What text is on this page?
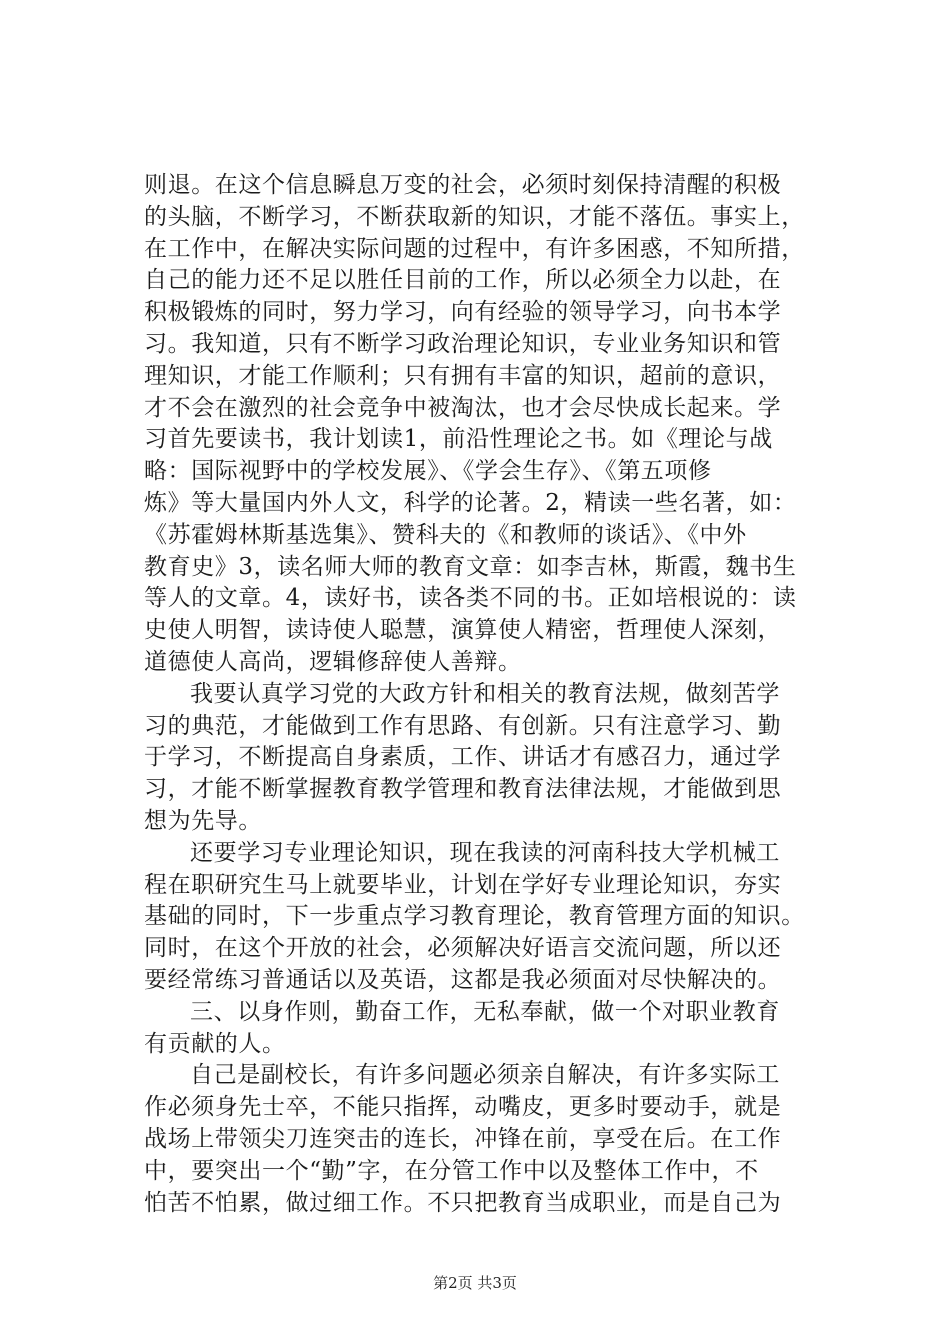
则退。在这个信息瞬息万变的社会，必须时刻保持清醒的积极
的头脑，不断学习，不断获取新的知识，才能不落伍。事实上，
在工作中，在解决实际问题的过程中，有许多困惑，不知所措，
自己的能力还不足以胜任目前的工作，所以必须全力以赴，在
积极锻炼的同时，努力学习，向有经验的领导学习，向书本学
习。我知道，只有不断学习政治理论知识，专业业务知识和管
理知识，才能工作顺利；只有拥有丰富的知识，超前的意识，
才不会在激烈的社会竞争中被淘汰，也才会尽快成长起来。学
习首先要读书，我计划读1，前沿性理论之书。如《理论与战
略：国际视野中的学校发展》、《学会生存》、《第五项修
炼》等大量国内外人文，科学的论著。2，精读一些名著，如：
《苏霍姆林斯基选集》、赞科夫的《和教师的谈话》、《中外
教育史》3，读名师大师的教育文章：如李吉林，斯霞，魏书生
等人的文章。4，读好书，读各类不同的书。正如培根说的：读
史使人明智，读诗使人聪慧，演算使人精密，哲理使人深刻，
道德使人高尚，逻辑修辞使人善辩。
我要认真学习党的大政方针和相关的教育法规，做刻苦学
习的典范，才能做到工作有思路、有创新。只有注意学习、勤
于学习，不断提高自身素质，工作、讲话才有感召力，通过学
习，才能不断掌握教育教学管理和教育法律法规，才能做到思
想为先导。
还要学习专业理论知识，现在我读的河南科技大学机械工
程在职研究生马上就要毕业，计划在学好专业理论知识，夯实
基础的同时，下一步重点学习教育理论，教育管理方面的知识。
同时，在这个开放的社会，必须解决好语言交流问题，所以还
要经常练习普通话以及英语，这都是我必须面对尽快解决的。
三、以身作则，勤奋工作，无私奉献，做一个对职业教育
有贡献的人。
自己是副校长，有许多问题必须亲自解决，有许多实际工
作必须身先士卒，不能只指挥，动嘴皮，更多时要动手，就是
战场上带领尖刀连突击的连长，冲锋在前，享受在后。在工作
中，要突出一个“勤”字，在分管工作中以及整体工作中，不
怕苦不怕累，做过细工作。不只把教育当成职业，而是自己为
第2页 共3页
